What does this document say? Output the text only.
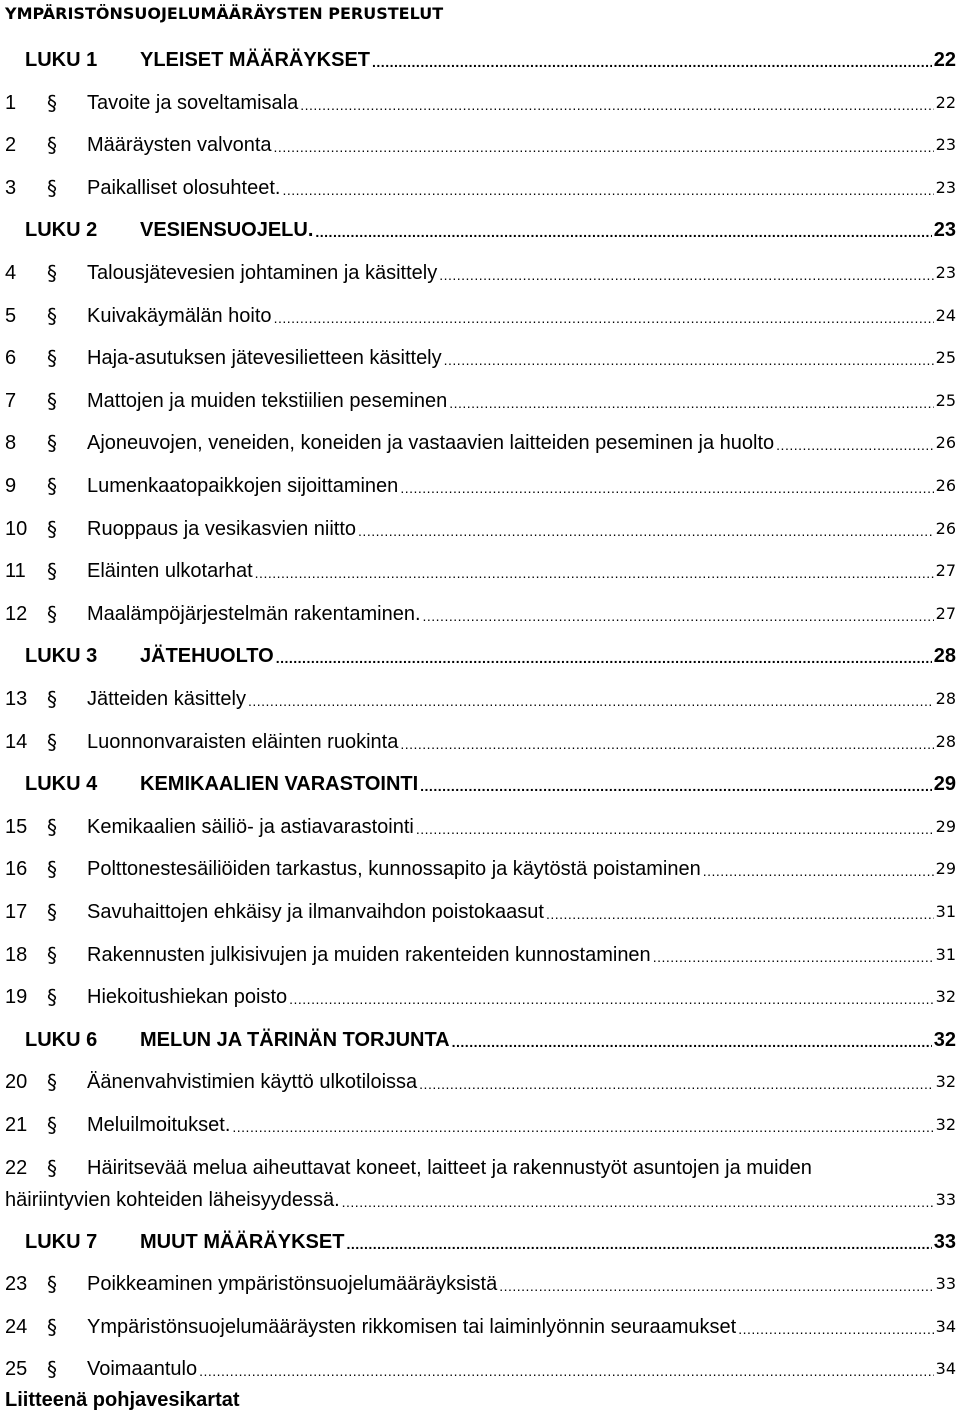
YMPÄRISTÖNSUOJELUMÄÄRÄYSTEN PERUSTELUT
LUKU 1	YLEISET MÄÄRÄYKSET .....	22
1	§	Tavoite ja soveltamisala .....	22
2	§	Määräysten valvonta .....	23
3	§	Paikalliset olosuhteet. .....	23
LUKU 2	VESIENSUOJELU. .....	23
4	§	Talousjätevesien johtaminen ja käsittely .....	23
5	§	Kuivakäymälän hoito .....	24
6	§	Haja-asutuksen jätevesilietteen käsittely .....	25
7	§	Mattojen ja muiden tekstiilien peseminen .....	25
8	§	Ajoneuvojen, veneiden, koneiden ja vastaavien laitteiden peseminen ja huolto .....	26
9	§	Lumenkaatopaikkojen sijoittaminen .....	26
10 §	Ruoppaus ja vesikasvien niitto .....	26
11	§	Eläinten ulkotarhat .....	27
12 §	Maalämpöjärjestelmän rakentaminen. .....	27
LUKU 3	JÄTEHUOLTO .....	28
13 §	Jätteiden käsittely .....	28
14 §	Luonnonvaraisten eläinten ruokinta .....	28
LUKU 4	KEMIKAALIEN VARASTOINTI .....	29
15 §	Kemikaalien säiliö- ja astiavarastointi .....	29
16 §	Polttonestesäiliöiden tarkastus, kunnossapito ja käytöstä poistaminen .....	29
17 §	Savuhaittojen ehkäisy ja ilmanvaihdon poistokaasut .....	31
18 §	Rakennusten julkisivujen ja muiden rakenteiden kunnostaminen .....	31
19 §	Hiekoitushiekan poisto .....	32
LUKU 6	MELUN JA TÄRINÄN TORJUNTA .....	32
20 §	Äänenvahvistimien käyttö ulkotiloissa .....	32
21 §	Meluilmoitukset. .....	32
22 §	Häiritsevää melua aiheuttavat koneet, laitteet ja rakennustyöt asuntojen ja muiden
häiriintyvien kohteiden läheisyydessä. .....	33
LUKU 7	MUUT MÄÄRÄYKSET .....	33
23 §	Poikkeaminen ympäristönsuojelumääräyksistä .....	33
24 §	Ympäristönsuojelumääräysten rikkomisen tai laiminlyönnin seuraamukset .....	34
25 §	Voimaantulo .....	34
Liitteenä pohjavesikartat
